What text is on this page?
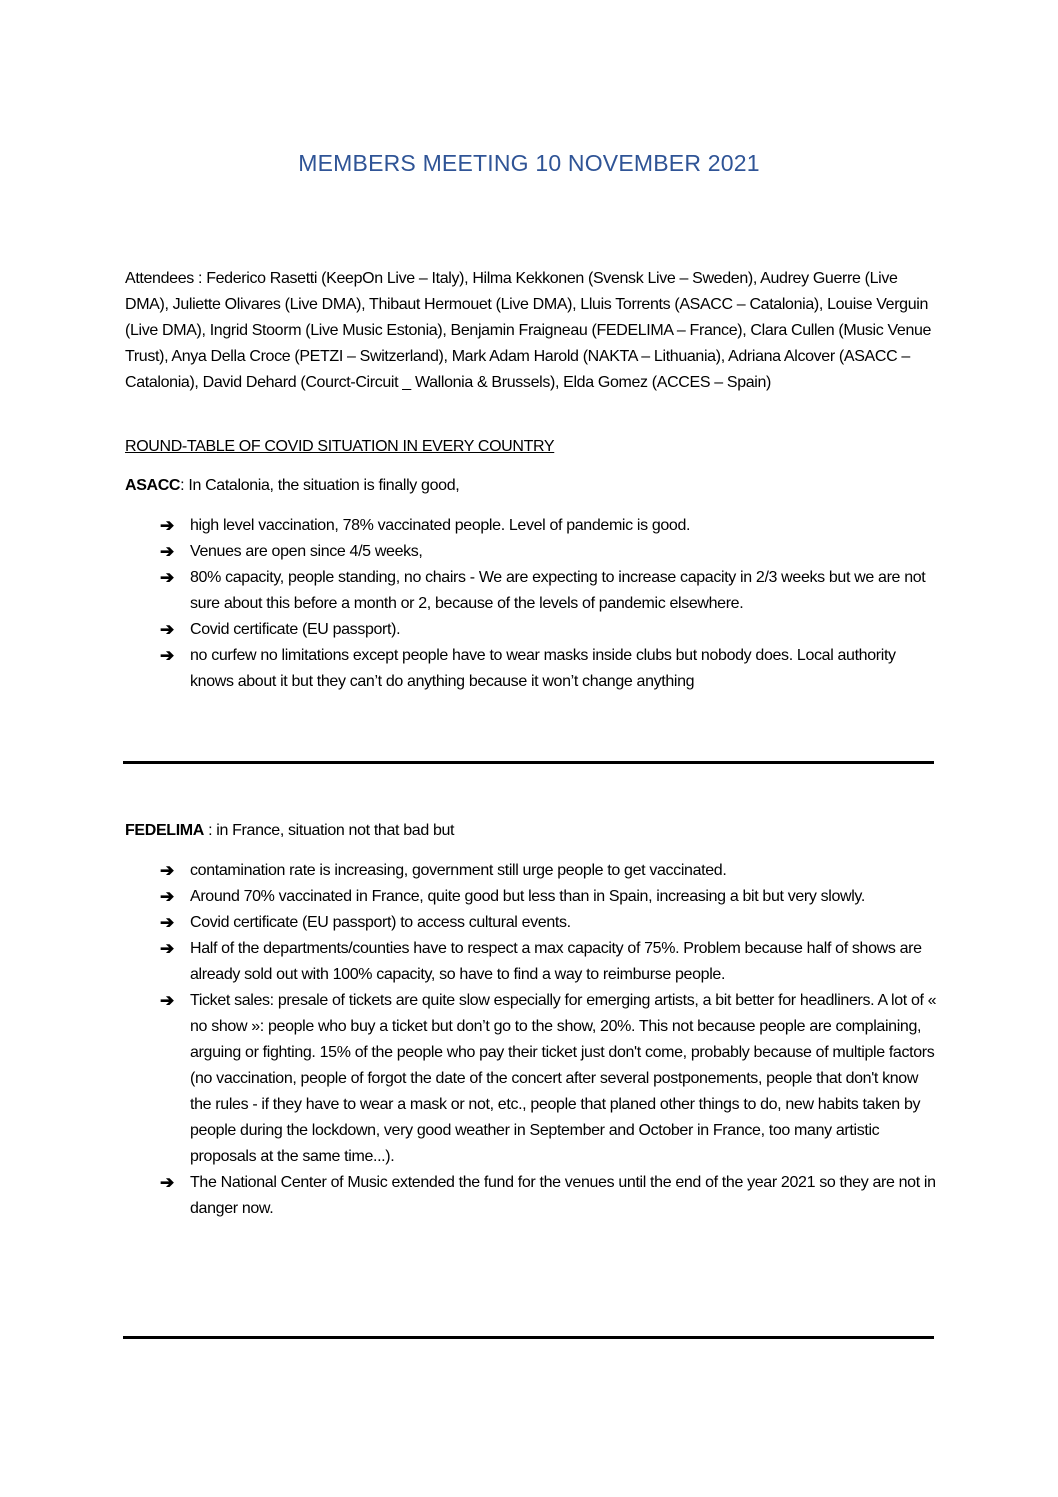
MEMBERS MEETING 10 NOVEMBER 2021
Attendees : Federico Rasetti (KeepOn Live – Italy), Hilma Kekkonen (Svensk Live – Sweden), Audrey Guerre (Live DMA), Juliette Olivares (Live DMA), Thibaut Hermouet (Live DMA), Lluis Torrents (ASACC – Catalonia), Louise Verguin (Live DMA), Ingrid Stoorm (Live Music Estonia), Benjamin Fraigneau (FEDELIMA – France), Clara Cullen (Music Venue Trust), Anya Della Croce (PETZI – Switzerland), Mark Adam Harold (NAKTA – Lithuania), Adriana Alcover (ASACC – Catalonia), David Dehard (Courct-Circuit _ Wallonia & Brussels), Elda Gomez (ACCES – Spain)
ROUND-TABLE OF COVID SITUATION IN EVERY COUNTRY
ASACC: In Catalonia, the situation is finally good,
➔ high level vaccination, 78% vaccinated people. Level of pandemic is good.
➔ Venues are open since 4/5 weeks,
➔ 80% capacity, people standing, no chairs - We are expecting to increase capacity in 2/3 weeks but we are not sure about this before a month or 2, because of the levels of pandemic elsewhere.
➔ Covid certificate (EU passport).
➔ no curfew no limitations except people have to wear masks inside clubs but nobody does. Local authority knows about it but they can’t do anything because it won’t change anything
FEDELIMA : in France, situation not that bad but
➔ contamination rate is increasing, government still urge people to get vaccinated.
➔ Around 70% vaccinated in France, quite good but less than in Spain, increasing a bit but very slowly.
➔ Covid certificate (EU passport) to access cultural events.
➔ Half of the departments/counties have to respect a max capacity of 75%. Problem because half of shows are already sold out with 100% capacity, so have to find a way to reimburse people.
➔ Ticket sales: presale of tickets are quite slow especially for emerging artists, a bit better for headliners. A lot of « no show »: people who buy a ticket but don’t go to the show, 20%. This not because people are complaining, arguing or fighting. 15% of the people who pay their ticket just don't come, probably because of multiple factors (no vaccination, people of forgot the date of the concert after several postponements, people that don't know the rules - if they have to wear a mask or not, etc., people that planed other things to do, new habits taken by people during the lockdown, very good weather in September and October in France, too many artistic proposals at the same time...).
➔ The National Center of Music extended the fund for the venues until the end of the year 2021 so they are not in danger now.
